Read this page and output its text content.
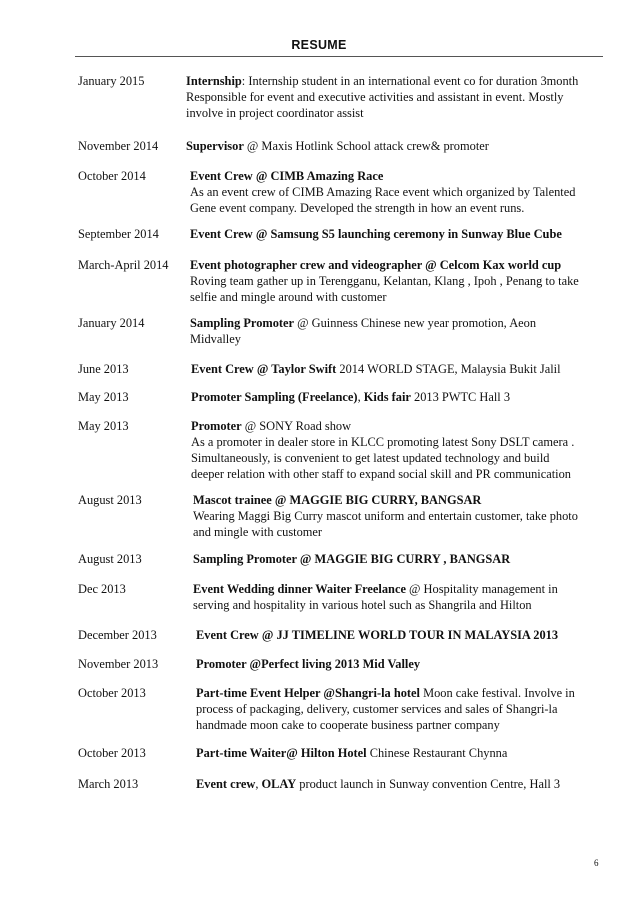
RESUME
January 2015	Internship: Internship student in an international event co for duration 3month
Responsible for event and executive activities and assistant in event. Mostly
involve in project coordinator assist
November 2014 Supervisor @ Maxis Hotlink School attack crew& promoter
October 2014	Event Crew @ CIMB Amazing Race
As an event crew of CIMB Amazing Race event which organized by Talented
Gene event company. Developed the strength in how an event runs.
September 2014	Event Crew @ Samsung S5 launching ceremony in Sunway Blue Cube
March-April 2014 Event photographer crew and videographer @ Celcom Kax world cup
Roving team gather up in Terengganu, Kelantan, Klang , Ipoh , Penang to take
selfie and mingle around with customer
January 2014	Sampling Promoter @ Guinness Chinese new year promotion, Aeon
Midvalley
June 2013	Event Crew @ Taylor Swift 2014 WORLD STAGE, Malaysia Bukit Jalil
May 2013	Promoter Sampling (Freelance), Kids fair 2013 PWTC Hall 3
May 2013	Promoter @ SONY Road show
As a promoter in dealer store in KLCC promoting latest Sony DSLT camera .
Simultaneously, is convenient to get latest updated technology and build
deeper relation with other staff to expand social skill and PR communication
August 2013	Mascot trainee @ MAGGIE BIG CURRY, BANGSAR
Wearing Maggi Big Curry mascot uniform and entertain customer, take photo
and mingle with customer
August 2013	Sampling Promoter @ MAGGIE BIG CURRY , BANGSAR
Dec 2013	Event Wedding dinner Waiter Freelance @ Hospitality management in
serving and hospitality in various hotel such as Shangrila and Hilton
December 2013	Event Crew @ JJ TIMELINE WORLD TOUR IN MALAYSIA 2013
November 2013	Promoter @Perfect living 2013 Mid Valley
October 2013	Part-time Event Helper @Shangri-la hotel Moon cake festival. Involve in
process of packaging, delivery, customer services and sales of Shangri-la
handmade moon cake to cooperate business partner company
October 2013	Part-time Waiter@ Hilton Hotel Chinese Restaurant Chynna
March 2013	Event crew, OLAY product launch in Sunway convention Centre, Hall 3
6
